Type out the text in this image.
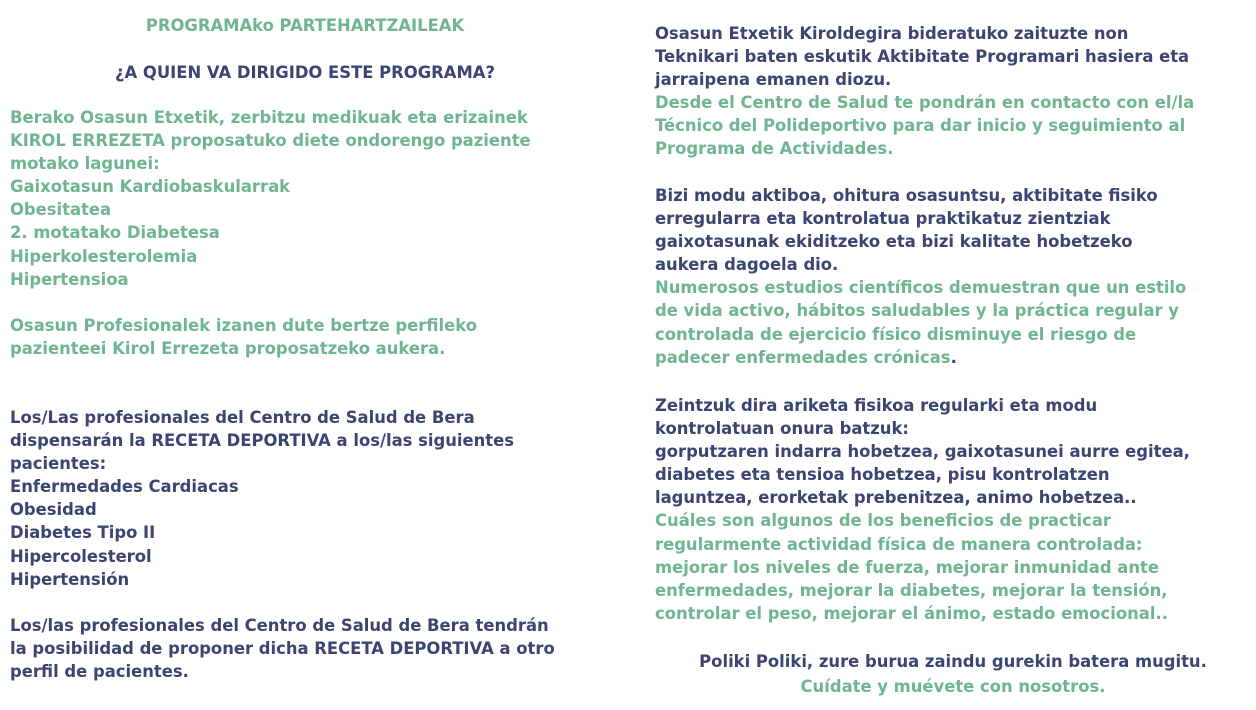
PROGRAMAko PARTEHARTZAILEAK

¿A QUIEN VA DIRIGIDO ESTE PROGRAMA?

Berako Osasun Etxetik, zerbitzu medikuak eta erizainek
KIROL ERREZETA proposatuko diete ondorengo paziente
motako lagunei:
Gaixotasun Kardiobaskularrak
Obesitatea
2. motatako Diabetesa
Hiperkolesterolemia
Hipertensioa
Osasun Profesionalek izanen dute bertze perfileko
pazienteei Kirol Errezeta proposatzeko aukera.
Los/Las profesionales del Centro de Salud de Bera
dispensarán la RECETA DEPORTIVA a los/las siguientes
pacientes:
Enfermedades Cardiacas
Obesidad
Diabetes Tipo II
Hipercolesterol
Hipertensión
Los/las profesionales del Centro de Salud de Bera tendrán
la posibilidad de proponer dicha RECETA DEPORTIVA a otro
perfil de pacientes.
Osasun Etxetik Kiroldegira bideratuko zaituzte non
Teknikari baten eskutik Aktibitate Programari hasiera eta
jarraipena emanen diozu.
Desde el Centro de Salud te pondrán en contacto con el/la
Técnico del Polideportivo para dar inicio y seguimiento al
Programa de Actividades.
Bizi modu aktiboa, ohitura osasuntsu, aktibitate fisiko
erregularra eta kontrolatua praktikatuz zientziak
gaixotasunak ekiditzeko eta bizi kalitate hobetzeko
aukera dagoela dio.
Numerosos estudios científicos demuestran que un estilo
de vida activo, hábitos saludables y la práctica regular y
controlada de ejercicio físico disminuye el riesgo de
padecer enfermedades crónicas.
Zeintzuk dira ariketa fisikoa regularki eta modu
kontrolatuan onura batzuk:
gorputzaren indarra hobetzea, gaixotasunei aurre egitea,
diabetes eta tensioa hobetzea, pisu kontrolatzen
laguntzea, erorketak prebenitzea, animo hobetzea..
Cuáles son algunos de los beneficios de practicar
regularmente actividad física de manera controlada:
mejorar los niveles de fuerza, mejorar inmunidad ante
enfermedades, mejorar la diabetes, mejorar la tensión,
controlar el peso, mejorar el ánimo, estado emocional..

Poliki Poliki, zure burua zaindu gurekin batera mugitu.

Cuídate y muévete con nosotros.
